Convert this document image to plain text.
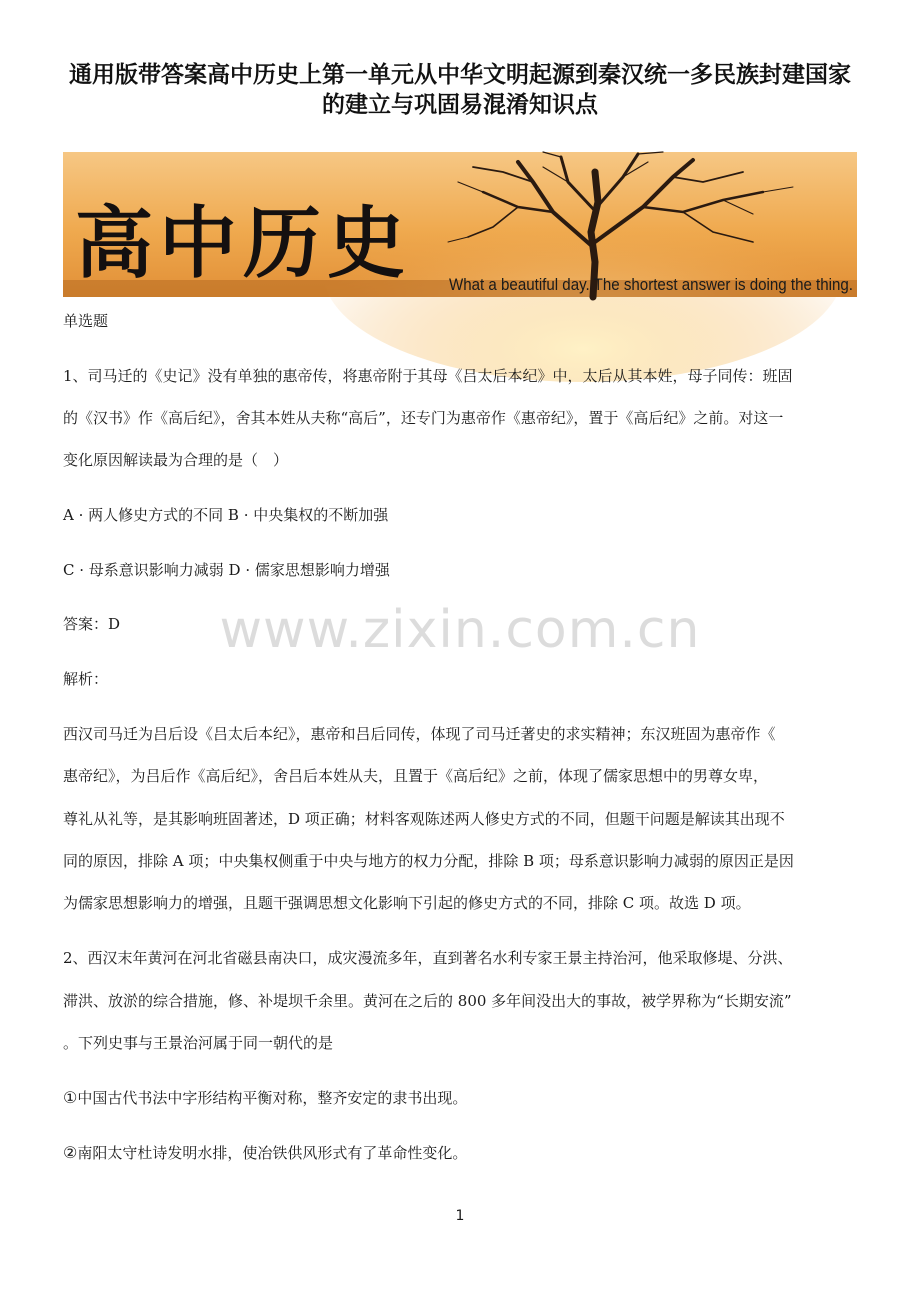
通用版带答案高中历史上第一单元从中华文明起源到秦汉统一多民族封建国家
的建立与巩固易混淆知识点
高中历史 What a beautiful day. The shortest answer is doing the thing.
www.zixin.com.cn
单选题
1、司马迁的《史记》没有单独的惠帝传，将惠帝附于其母《吕太后本纪》中，太后从其本姓，母子同传：班固
的《汉书》作《高后纪》，舍其本姓从夫称“高后”，还专门为惠帝作《惠帝纪》，置于《高后纪》之前。对这一
变化原因解读最为合理的是（　）
A · 两人修史方式的不同 B · 中央集权的不断加强
C · 母系意识影响力减弱 D · 儒家思想影响力增强
答案：D
解析：
西汉司马迁为吕后设《吕太后本纪》，惠帝和吕后同传，体现了司马迁著史的求实精神；东汉班固为惠帝作《
惠帝纪》，为吕后作《高后纪》，舍吕后本姓从夫，且置于《高后纪》之前，体现了儒家思想中的男尊女卑，
尊礼从礼等，是其影响班固著述，D 项正确；材料客观陈述两人修史方式的不同，但题干问题是解读其出现不
同的原因，排除 A 项；中央集权侧重于中央与地方的权力分配，排除 B 项；母系意识影响力减弱的原因正是因
为儒家思想影响力的增强，且题干强调思想文化影响下引起的修史方式的不同，排除 C 项。故选 D 项。
2、西汉末年黄河在河北省磁县南决口，成灾漫流多年，直到著名水利专家王景主持治河，他采取修堤、分洪、
滞洪、放淤的综合措施，修、补堤坝千余里。黄河在之后的 800 多年间没出大的事故，被学界称为“长期安流”
。下列史事与王景治河属于同一朝代的是
①中国古代书法中字形结构平衡对称，整齐安定的隶书出现。
②南阳太守杜诗发明水排，使冶铁供风形式有了革命性变化。
1
